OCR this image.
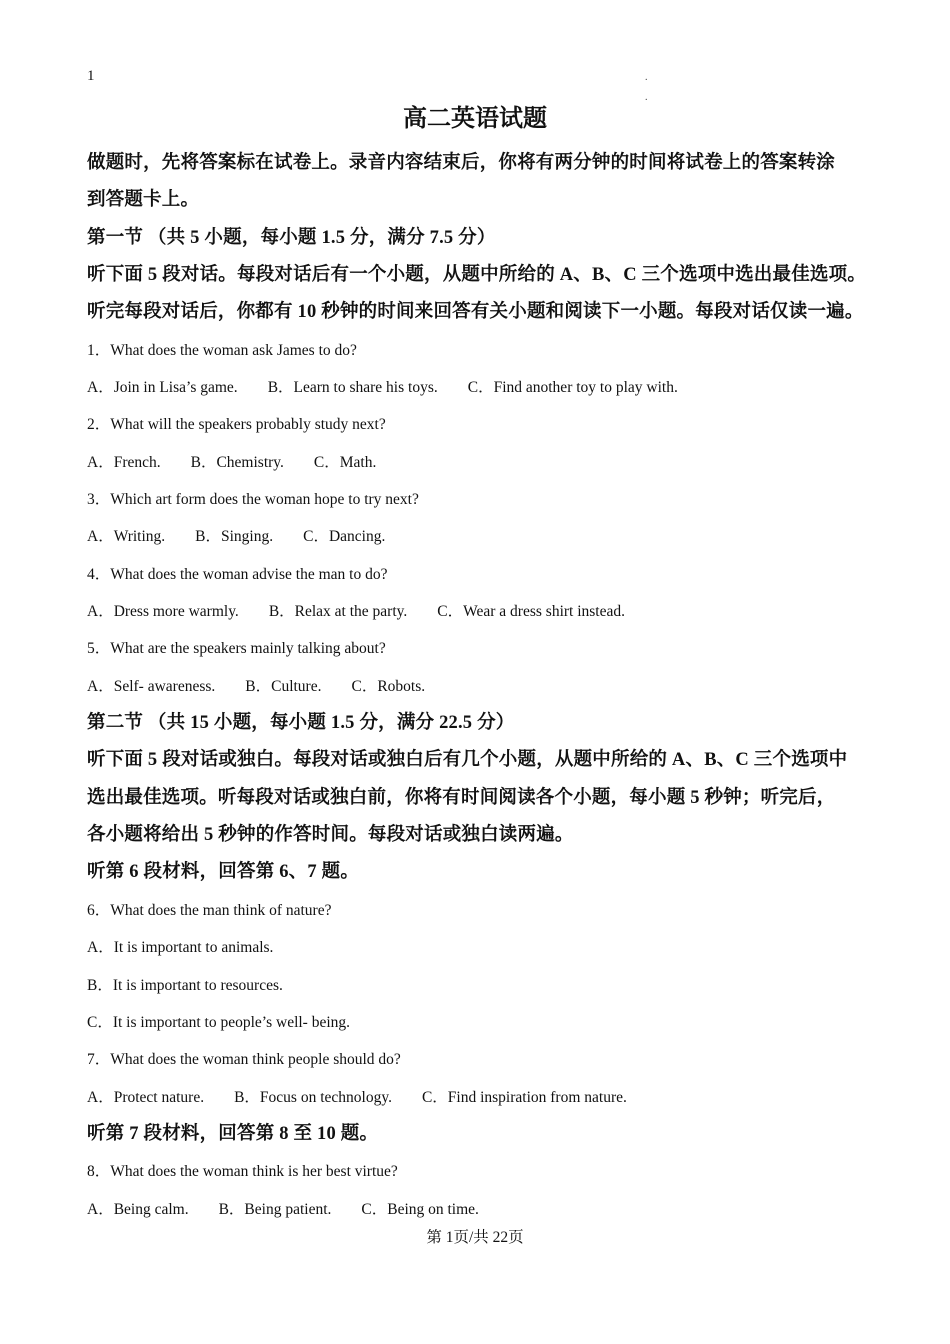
1	.
.
高二英语试题
做题时，先将答案标在试卷上。录音内容结束后，你将有两分钟的时间将试卷上的答案转涂
到答题卡上。
第一节 （共 5 小题，每小题 1.5 分，满分 7.5 分）
听下面 5 段对话。每段对话后有一个小题，从题中所给的 A、B、C 三个选项中选出最佳选项。
听完每段对话后，你都有 10 秒钟的时间来回答有关小题和阅读下一小题。每段对话仅读一遍。
1．What does the woman ask James to do?
A．Join in Lisa’s game. B．Learn to share his toys. C．Find another toy to play with.
2．What will the speakers probably study next?
A．French. B．Chemistry. C．Math.
3．Which art form does the woman hope to try next?
A．Writing. B．Singing. C．Dancing.
4．What does the woman advise the man to do?
A．Dress more warmly. B．Relax at the party. C．Wear a dress shirt instead.
5．What are the speakers mainly talking about?
A．Self- awareness. B．Culture. C．Robots.
第二节 （共 15 小题，每小题 1.5 分，满分 22.5 分）
听下面 5 段对话或独白。每段对话或独白后有几个小题，从题中所给的 A、B、C 三个选项中
选出最佳选项。听每段对话或独白前，你将有时间阅读各个小题，每小题 5 秒钟；听完后，
各小题将给出 5 秒钟的作答时间。每段对话或独白读两遍。
听第 6 段材料，回答第 6、7 题。
6．What does the man think of nature?
A．It is important to animals.
B．It is important to resources.
C．It is important to people’s well- being.
7．What does the woman think people should do?
A．Protect nature. B．Focus on technology. C．Find inspiration from nature.
听第 7 段材料，回答第 8 至 10 题。
8．What does the woman think is her best virtue?
A．Being calm. B．Being patient. C．Being on time.
第 1页/共 22页
